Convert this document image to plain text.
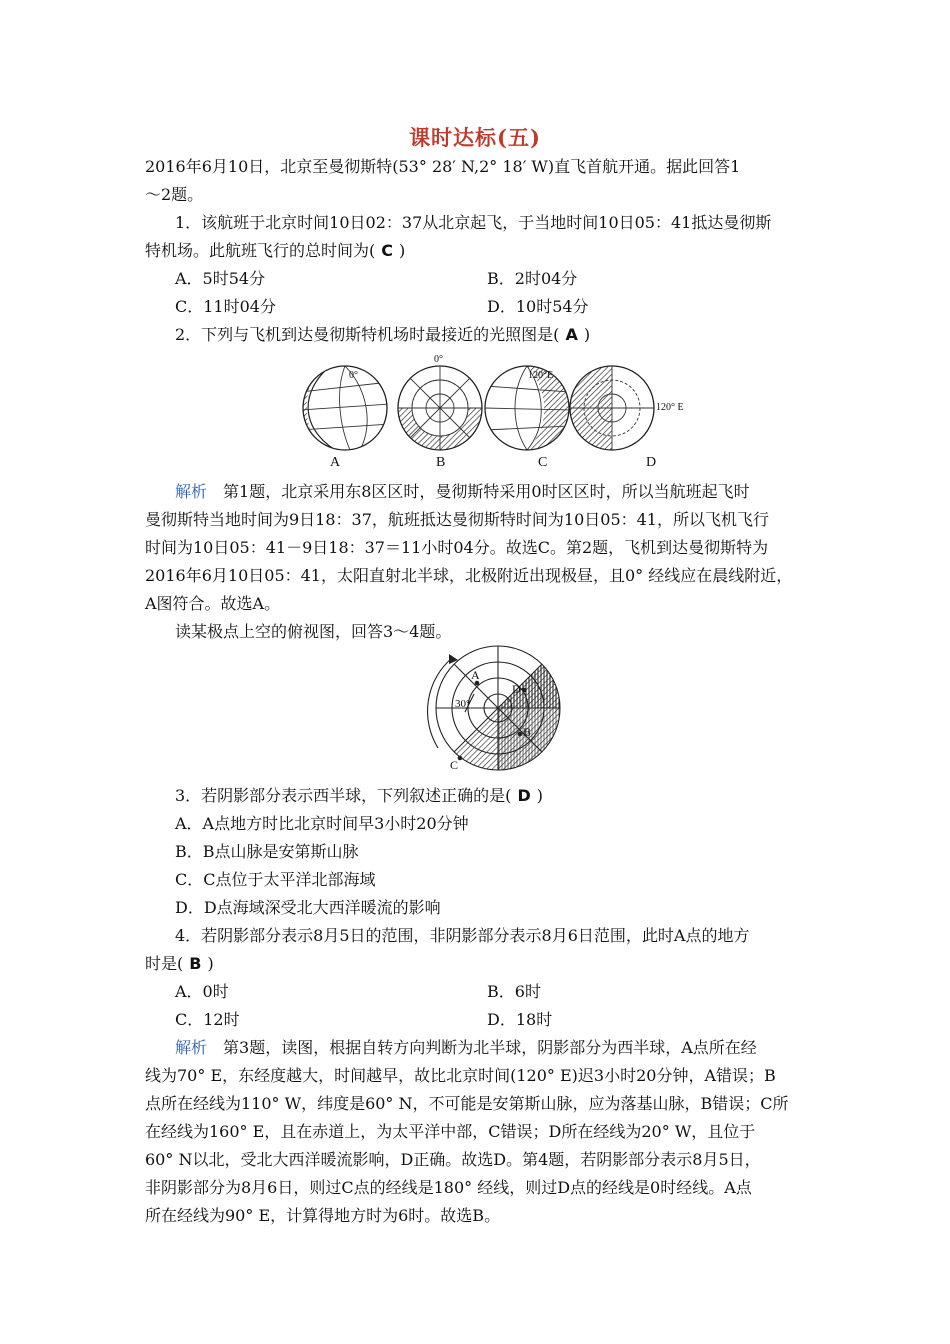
课时达标(五)
2016年6月10日，北京至曼彻斯特(53° 28′ N,2° 18′ W)直飞首航开通。据此回答1
～2题。
1．该航班于北京时间10日02：37从北京起飞，于当地时间10日05：41抵达曼彻斯
特机场。此航班飞行的总时间为( C )
A．5时54分	B．2时04分
C．11时04分	D．10时54分
2．下列与飞机到达曼彻斯特机场时最接近的光照图是( A )
0°
0°
120°E
120° E
A	B	C	D
解析　 第1题，北京采用东8区区时，曼彻斯特采用0时区区时，所以当航班起飞时
曼彻斯特当地时间为9日18：37，航班抵达曼彻斯特时间为10日05：41，所以飞机飞行
时间为10日05：41－9日18：37＝11小时04分。故选C。第2题，飞机到达曼彻斯特为
2016年6月10日05：41，太阳直射北半球，北极附近出现极昼，且0° 经线应在晨线附近，
A图符合。故选A。
读某极点上空的俯视图，回答3～4题。
A
D
B
C
30°
3．若阴影部分表示西半球，下列叙述正确的是( D )
A．A点地方时比北京时间早3小时20分钟
B．B点山脉是安第斯山脉
C．C点位于太平洋北部海域
D．D点海域深受北大西洋暖流的影响
4．若阴影部分表示8月5日的范围，非阴影部分表示8月6日范围，此时A点的地方
时是( B )
A．0时	B．6时
C．12时	D．18时
解析　 第3题，读图，根据自转方向判断为北半球，阴影部分为西半球，A点所在经
线为70° E，东经度越大，时间越早，故比北京时间(120° E)迟3小时20分钟，A错误；B
点所在经线为110° W，纬度是60° N，不可能是安第斯山脉，应为落基山脉，B错误；C所
在经线为160° E，且在赤道上，为太平洋中部，C错误；D所在经线为20° W，且位于
60° N以北，受北大西洋暖流影响，D正确。故选D。第4题，若阴影部分表示8月5日，
非阴影部分为8月6日，则过C点的经线是180° 经线，则过D点的经线是0时经线。A点
所在经线为90° E，计算得地方时为6时。故选B。
